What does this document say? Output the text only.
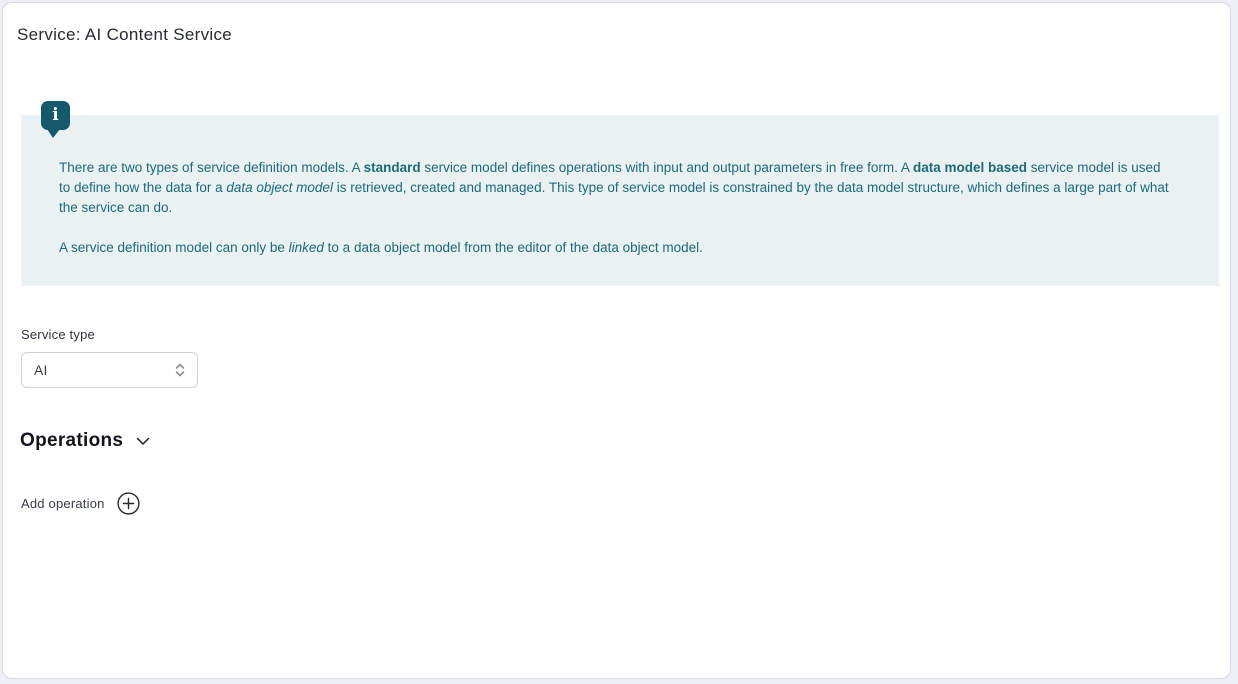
Service: AI Content Service
i

There are two types of service definition models. A standard service model defines operations with input and output parameters in free form. A data model based service model is used to define how the data for a data object model is retrieved, created and managed. This type of service model is constrained by the data model structure, which defines a large part of what the service can do.

A service definition model can only be linked to a data object model from the editor of the data object model.

Service type
AI
Operations
Add operation
